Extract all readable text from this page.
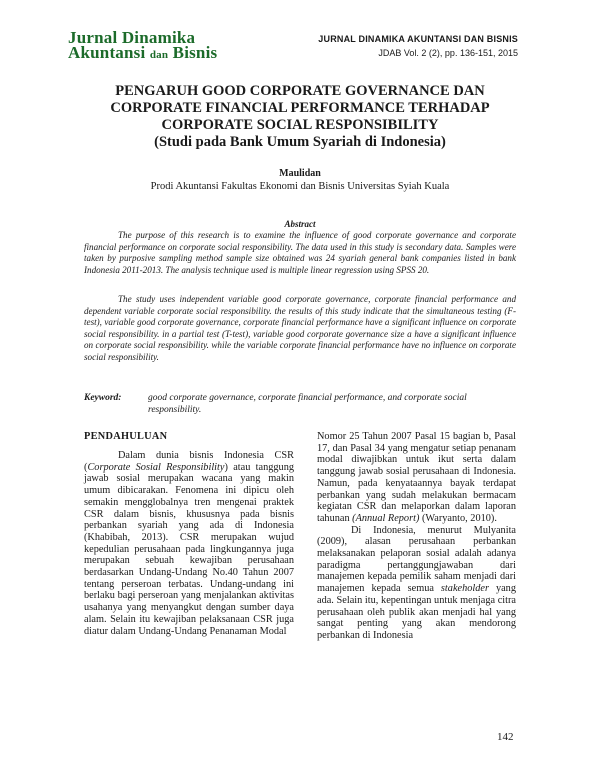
Jurnal Dinamika
Akuntansi dan Bisnis
JURNAL DINAMIKA AKUNTANSI DAN BISNIS
JDAB Vol. 2 (2), pp. 136-151, 2015
PENGARUH GOOD CORPORATE GOVERNANCE DAN
CORPORATE FINANCIAL PERFORMANCE TERHADAP
CORPORATE SOCIAL RESPONSIBILITY
(Studi pada Bank Umum Syariah di Indonesia)
Maulidan
Prodi Akuntansi Fakultas Ekonomi dan Bisnis Universitas Syiah Kuala
Abstract

The purpose of this research is to examine the influence of good corporate governance and corporate financial performance on corporate social responsibility. The data used in this study is secondary data. Samples were taken by purposive sampling method sample size obtained was 24 syariah general bank companies listed in bank Indonesia 2011-2013. The analysis technique used is multiple linear regression using SPSS 20.

The study uses independent variable good corporate governance, corporate financial performance and dependent variable corporate social responsibility. the results of this study indicate that the simultaneous testing (F-test), variable good corporate governance, corporate financial performance have a significant influence on corporate social responsibility. in a partial test (T-test), variable good corporate governance size a have a significant influence on corporate social responsibility. while the variable corporate financial performance have no influence on corporate social responsibility.

Keyword:	good corporate governance, corporate financial performance, and corporate social responsibility.
PENDAHULUAN

Dalam dunia bisnis Indonesia CSR (Corporate Sosial Responsibility) atau tanggung jawab sosial merupakan wacana yang makin umum dibicarakan. Fenomena ini dipicu oleh semakin mengglobalnya tren mengenai praktek CSR dalam bisnis, khususnya pada bisnis perbankan syariah yang ada di Indonesia (Khabibah, 2013). CSR merupakan wujud kepedulian perusahaan pada lingkungannya juga merupakan sebuah kewajiban perusahaan berdasarkan Undang-Undang No.40 Tahun 2007 tentang perseroan terbatas. Undang-undang ini berlaku bagi perseroan yang menjalankan aktivitas usahanya yang menyangkut dengan sumber daya alam. Selain itu kewajiban pelaksanaan CSR juga diatur dalam Undang-Undang Penanaman Modal

Nomor 25 Tahun 2007 Pasal 15 bagian b, Pasal 17, dan Pasal 34 yang mengatur setiap penanam modal diwajibkan untuk ikut serta dalam tanggung jawab sosial perusahaan di Indonesia. Namun, pada kenyataannya bayak terdapat perbankan yang sudah melakukan bermacam kegiatan CSR dan melaporkan dalam laporan tahunan (Annual Report) (Waryanto, 2010).

Di Indonesia, menurut Mulyanita (2009), alasan perusahaan perbankan melaksanakan pelaporan sosial adalah adanya paradigma pertanggungjawaban dari manajemen kepada pemilik saham menjadi dari manajemen kepada semua stakeholder yang ada. Selain itu, kepentingan untuk menjaga citra perusahaan oleh publik akan menjadi hal yang sangat penting yang akan mendorong perbankan di Indonesia

142
